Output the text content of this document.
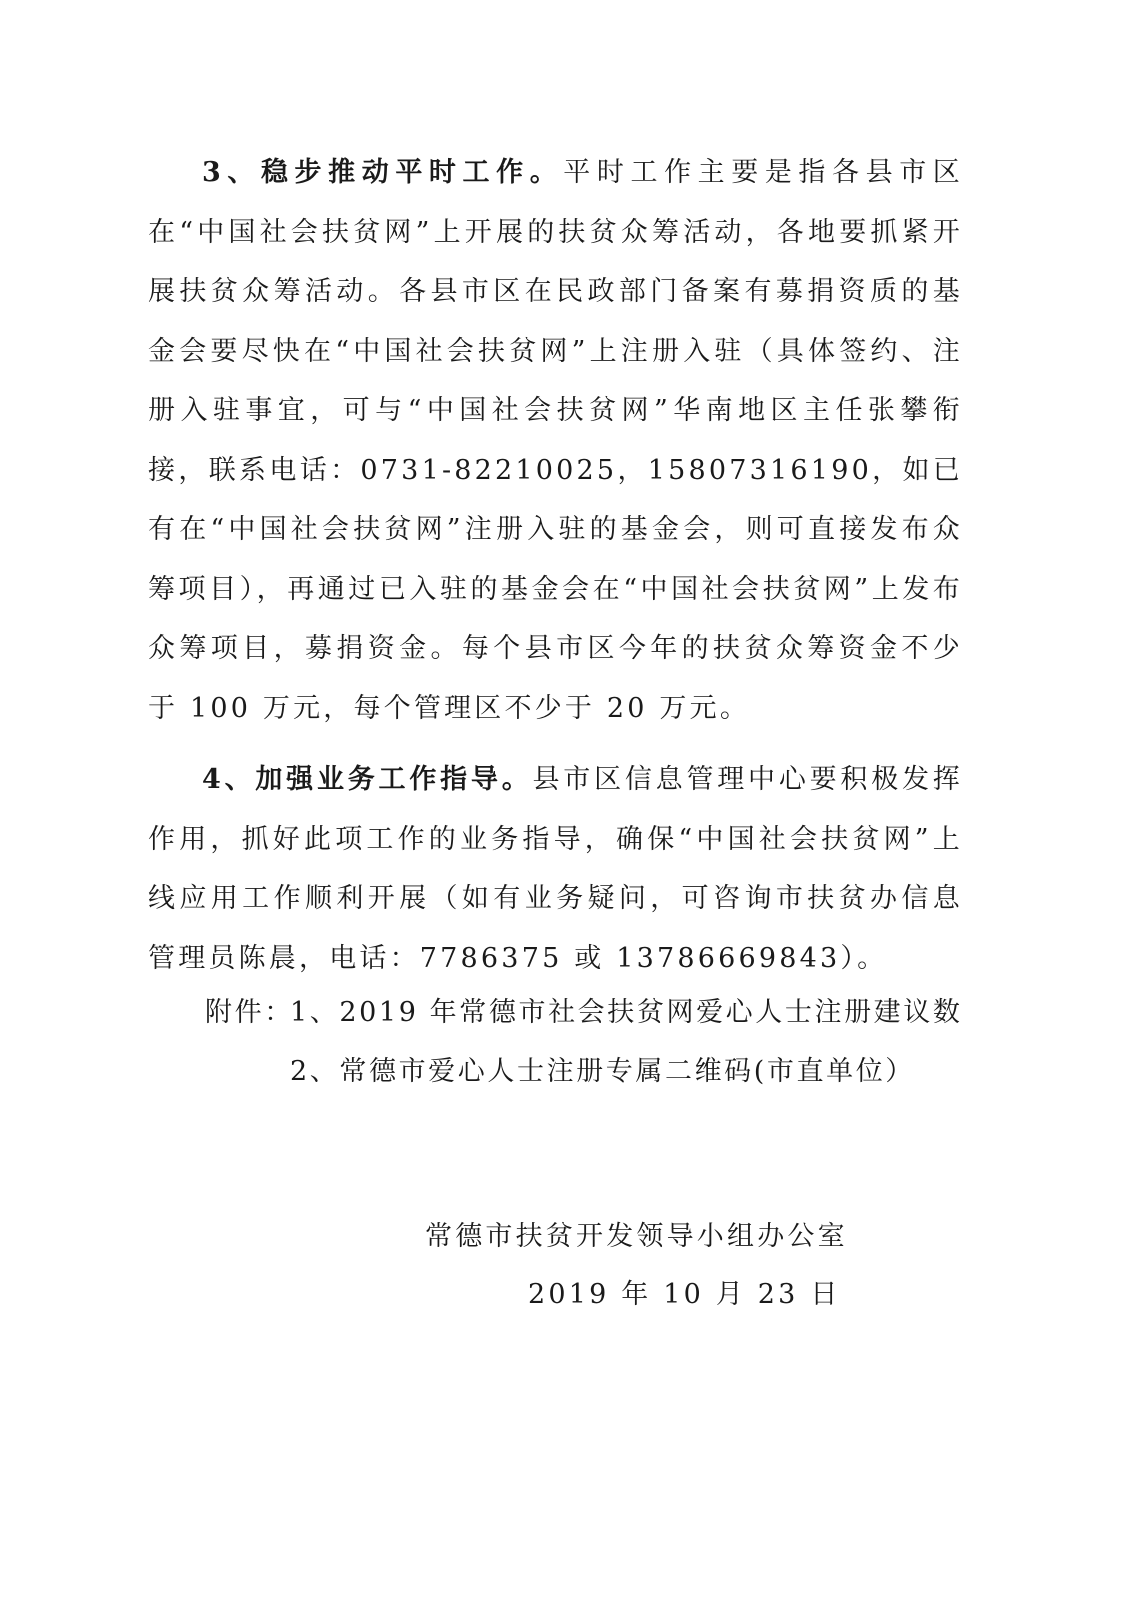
3、稳步推动平时工作。平时工作主要是指各县市区在“中国社会扶贫网”上开展的扶贫众筹活动，各地要抓紧开展扶贫众筹活动。各县市区在民政部门备案有募捐资质的基金会要尽快在“中国社会扶贫网”上注册入驻（具体签约、注册入驻事宜，可与“中国社会扶贫网”华南地区主任张攀衔接，联系电话：0731-82210025，15807316190，如已有在“中国社会扶贫网”注册入驻的基金会，则可直接发布众筹项目），再通过已入驻的基金会在“中国社会扶贫网”上发布众筹项目，募捐资金。每个县市区今年的扶贫众筹资金不少于 100 万元，每个管理区不少于 20 万元。

4、加强业务工作指导。县市区信息管理中心要积极发挥作用，抓好此项工作的业务指导，确保“中国社会扶贫网”上线应用工作顺利开展（如有业务疑问，可咨询市扶贫办信息管理员陈晨，电话：7786375 或 13786669843）。

附件：
1、2019 年常德市社会扶贫网爱心人士注册建议数
2、常德市爱心人士注册专属二维码(市直单位）
常德市扶贫开发领导小组办公室
2019 年 10 月 23 日
